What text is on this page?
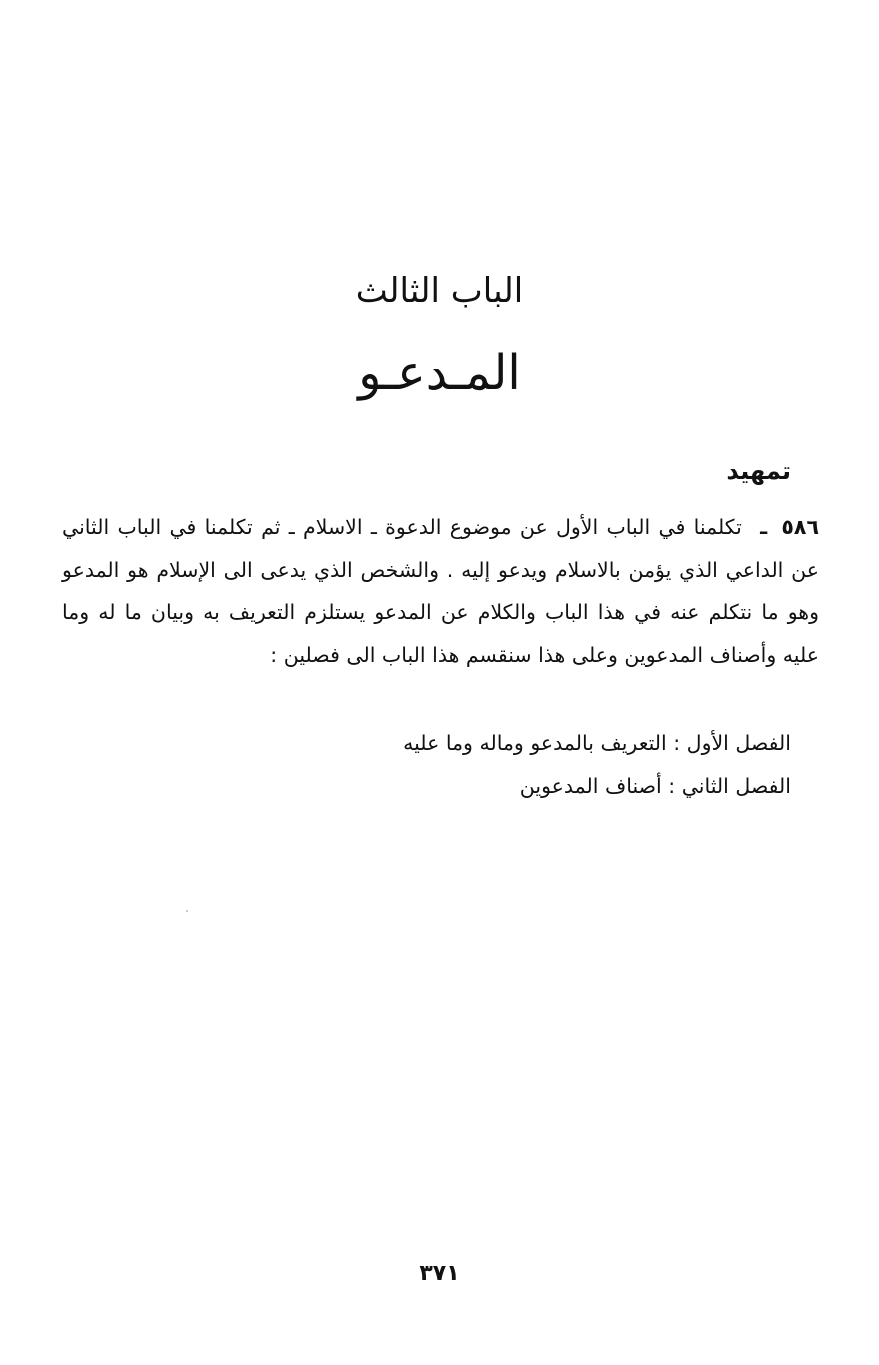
الباب الثالث
المـدعـو
تمهيد
٥٨٦ ـ تكلمنا في الباب الأول عن موضوع الدعوة ـ الاسلام ـ ثم تكلمنا في الباب الثاني عن الداعي الذي يؤمن بالاسلام ويدعو إليه . والشخص الذي يدعى الى الإسلام هو المدعو وهو ما نتكلم عنه في هذا الباب والكلام عن المدعو يستلزم التعريف به وبيان ما له وما عليه وأصناف المدعوين وعلى هذا سنقسم هذا الباب الى فصلين :
الفصل الأول : التعريف بالمدعو وماله وما عليه
الفصل الثاني : أصناف المدعوين
٣٧١
